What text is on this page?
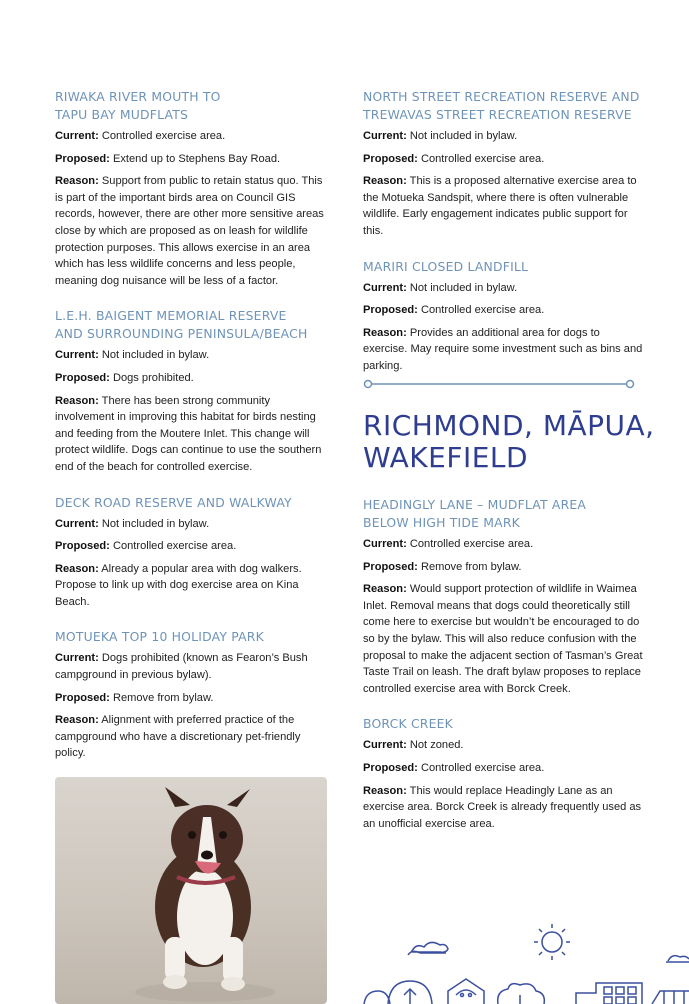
RIWAKA RIVER MOUTH TO
TAPU BAY MUDFLATS
Current: Controlled exercise area.
Proposed: Extend up to Stephens Bay Road.
Reason: Support from public to retain status quo. This is part of the important birds area on Council GIS records, however, there are other more sensitive areas close by which are proposed as on leash for wildlife protection purposes. This allows exercise in an area which has less wildlife concerns and less people, meaning dog nuisance will be less of a factor.
L.E.H. BAIGENT MEMORIAL RESERVE
AND SURROUNDING PENINSULA/BEACH
Current: Not included in bylaw.
Proposed: Dogs prohibited.
Reason: There has been strong community involvement in improving this habitat for birds nesting and feeding from the Moutere Inlet. This change will protect wildlife. Dogs can continue to use the southern end of the beach for controlled exercise.
DECK ROAD RESERVE AND WALKWAY
Current: Not included in bylaw.
Proposed: Controlled exercise area.
Reason: Already a popular area with dog walkers. Propose to link up with dog exercise area on Kina Beach.
MOTUEKA TOP 10 HOLIDAY PARK
Current: Dogs prohibited (known as Fearon’s Bush campground in previous bylaw).
Proposed: Remove from bylaw.
Reason: Alignment with preferred practice of the campground who have a discretionary pet-friendly policy.
NORTH STREET RECREATION RESERVE AND
TREWAVAS STREET RECREATION RESERVE
Current: Not included in bylaw.
Proposed: Controlled exercise area.
Reason: This is a proposed alternative exercise area to the Motueka Sandspit, where there is often vulnerable wildlife. Early engagement indicates public support for this.
MARIRI CLOSED LANDFILL
Current: Not included in bylaw.
Proposed: Controlled exercise area.
Reason: Provides an additional area for dogs to exercise. May require some investment such as bins and parking.
RICHMOND, MĀPUA,
WAKEFIELD
HEADINGLY LANE – MUDFLAT AREA
BELOW HIGH TIDE MARK
Current: Controlled exercise area.
Proposed: Remove from bylaw.
Reason: Would support protection of wildlife in Waimea Inlet. Removal means that dogs could theoretically still come here to exercise but wouldn’t be encouraged to do so by the bylaw. This will also reduce confusion with the proposal to make the adjacent section of Tasman’s Great Taste Trail on leash. The draft bylaw proposes to replace controlled exercise area with Borck Creek.
BORCK CREEK
Current: Not zoned.
Proposed: Controlled exercise area.
Reason: This would replace Headingly Lane as an exercise area. Borck Creek is already frequently used as an unofficial exercise area.
